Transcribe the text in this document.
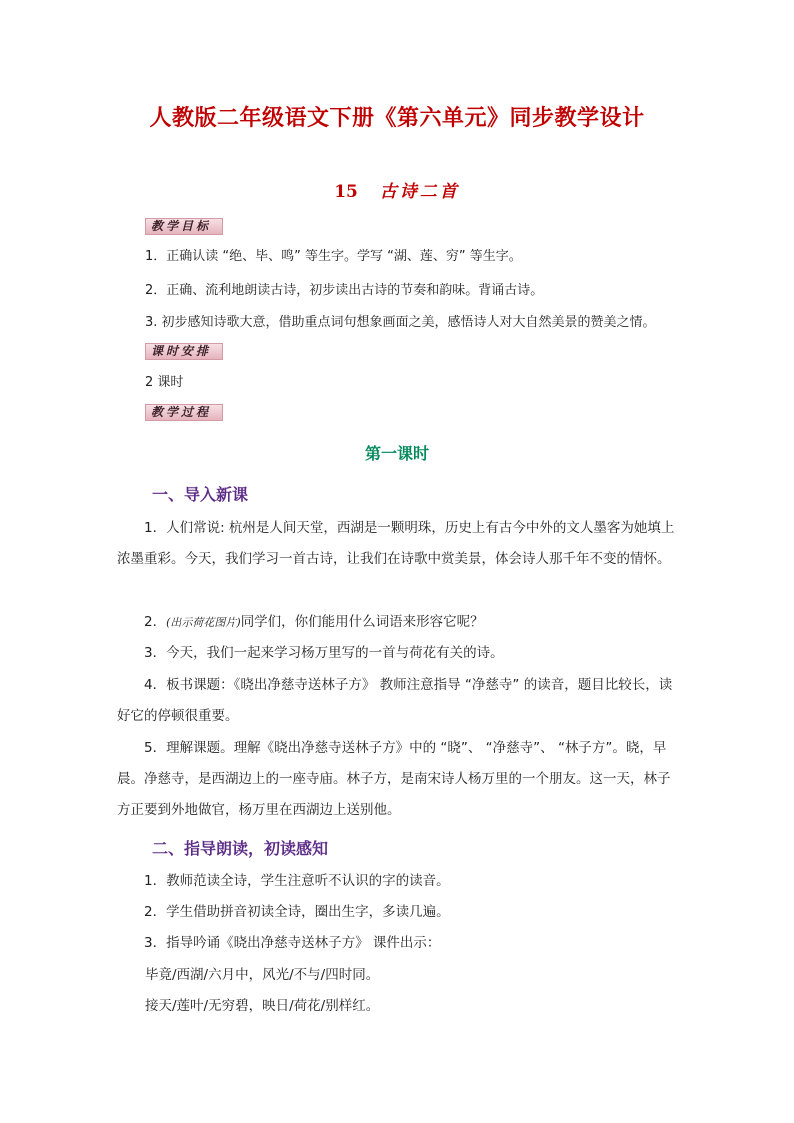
人教版二年级语文下册《第六单元》同步教学设计
15 古诗二首
教学目标
1．正确认读 “绝、毕、鸣” 等生字。学写 “湖、莲、穷” 等生字。
2．正确、流利地朗读古诗，初步读出古诗的节奏和韵味。背诵古诗。
3. 初步感知诗歌大意，借助重点词句想象画面之美，感悟诗人对大自然美景的赞美之情。
课时安排
2 课时
教学过程
第一课时
一、导入新课
1．人们常说: 杭州是人间天堂，西湖是一颗明珠，历史上有古今中外的文人墨客为她填上浓墨重彩。今天，我们学习一首古诗，让我们在诗歌中赏美景，体会诗人那千年不变的情怀。
2．(出示荷花图片)同学们，你们能用什么词语来形容它呢？
3．今天，我们一起来学习杨万里写的一首与荷花有关的诗。
4．板书课题：《晓出净慈寺送林子方》 教师注意指导 “净慈寺” 的读音，题目比较长，读好它的停顿很重要。
5．理解课题。理解《晓出净慈寺送林子方》中的 “晓”、 “净慈寺”、 “林子方”。晓，早晨。净慈寺，是西湖边上的一座寺庙。林子方，是南宋诗人杨万里的一个朋友。这一天，林子方正要到外地做官，杨万里在西湖边上送别他。
二、指导朗读，初读感知
1．教师范读全诗，学生注意听不认识的字的读音。
2．学生借助拼音初读全诗，圈出生字，多读几遍。
3．指导吟诵《晓出净慈寺送林子方》 课件出示：
毕竟/西湖/六月中，风光/不与/四时同。
接天/莲叶/无穷碧，映日/荷花/别样红。
